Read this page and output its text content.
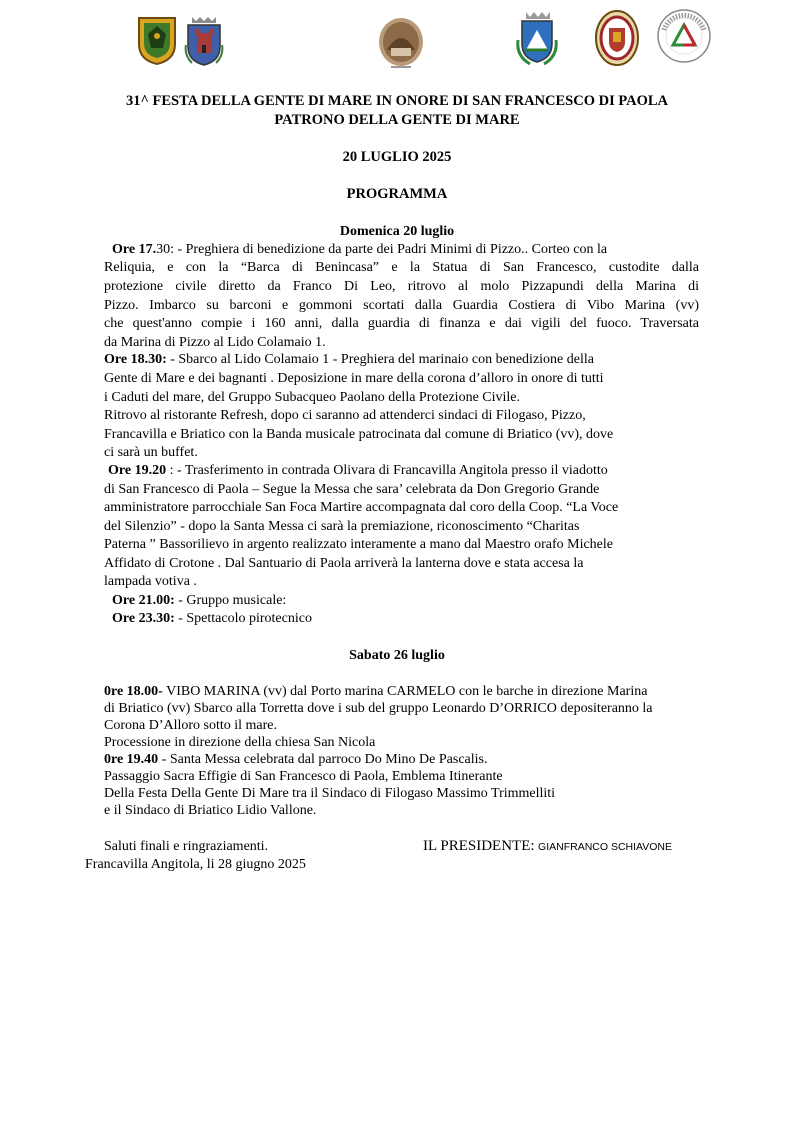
31^ FESTA DELLA GENTE DI MARE IN ONORE DI SAN FRANCESCO DI PAOLA
PATRONO DELLA GENTE DI MARE
20 LUGLIO 2025
PROGRAMMA
Domenica 20 luglio
Ore 17.30: - Preghiera di benedizione da parte dei Padri Minimi di Pizzo.. Corteo con la
Reliquia, e con la “Barca di Benincasa” e la Statua di San Francesco, custodite dalla
protezione civile diretto da Franco Di Leo, ritrovo al molo Pizzapundi della Marina di
Pizzo. Imbarco su barconi e gommoni scortati dalla Guardia Costiera di Vibo Marina (vv)
che quest'anno compie i 160 anni, dalla guardia di finanza e dai vigili del fuoco. Traversata
da Marina di Pizzo al Lido Colamaio 1.
Ore 18.30: - Sbarco al Lido Colamaio 1 - Preghiera del marinaio con benedizione della
Gente di Mare e dei bagnanti . Deposizione in mare della corona d’alloro in onore di tutti
i Caduti del mare, del Gruppo Subacqueo Paolano della Protezione Civile.
Ritrovo al ristorante Refresh, dopo ci saranno ad attenderci sindaci di Filogaso, Pizzo,
Francavilla e Briatico con la Banda musicale patrocinata dal comune di Briatico (vv), dove
ci sarà un buffet.
Ore 19.20 : - Trasferimento in contrada Olivara di Francavilla Angitola presso il viadotto
di San Francesco di Paola – Segue la Messa che sara’ celebrata da Don Gregorio Grande
amministratore parrocchiale San Foca Martire accompagnata dal coro della Coop. “La Voce
del Silenzio” - dopo la Santa Messa ci sarà la premiazione, riconoscimento “Charitas
Paterna ” Bassorilievo in argento realizzato interamente a mano dal Maestro orafo Michele
Affidato di Crotone . Dal Santuario di Paola arriverà la lanterna dove e stata accesa la
lampada votiva .
Ore 21.00: - Gruppo musicale:
Ore 23.30: - Spettacolo pirotecnico
Sabato 26 luglio
0re 18.00- VIBO MARINA (vv) dal Porto marina CARMELO con le barche in direzione Marina
di Briatico (vv) Sbarco alla Torretta dove i sub del gruppo Leonardo D’ORRICO depositeranno la
Corona D’Alloro sotto il mare.
Processione in direzione della chiesa San Nicola
0re 19.40 - Santa Messa celebrata dal parroco Do Mino De Pascalis.
Passaggio Sacra Effigie di San Francesco di Paola, Emblema Itinerante
Della Festa Della Gente Di Mare tra il Sindaco di Filogaso Massimo Trimmelliti
e il Sindaco di Briatico Lidio Vallone.
Saluti finali e ringraziamenti.	IL PRESIDENTE: GIANFRANCO SCHIAVONE
Francavilla Angitola, li 28 giugno 2025
